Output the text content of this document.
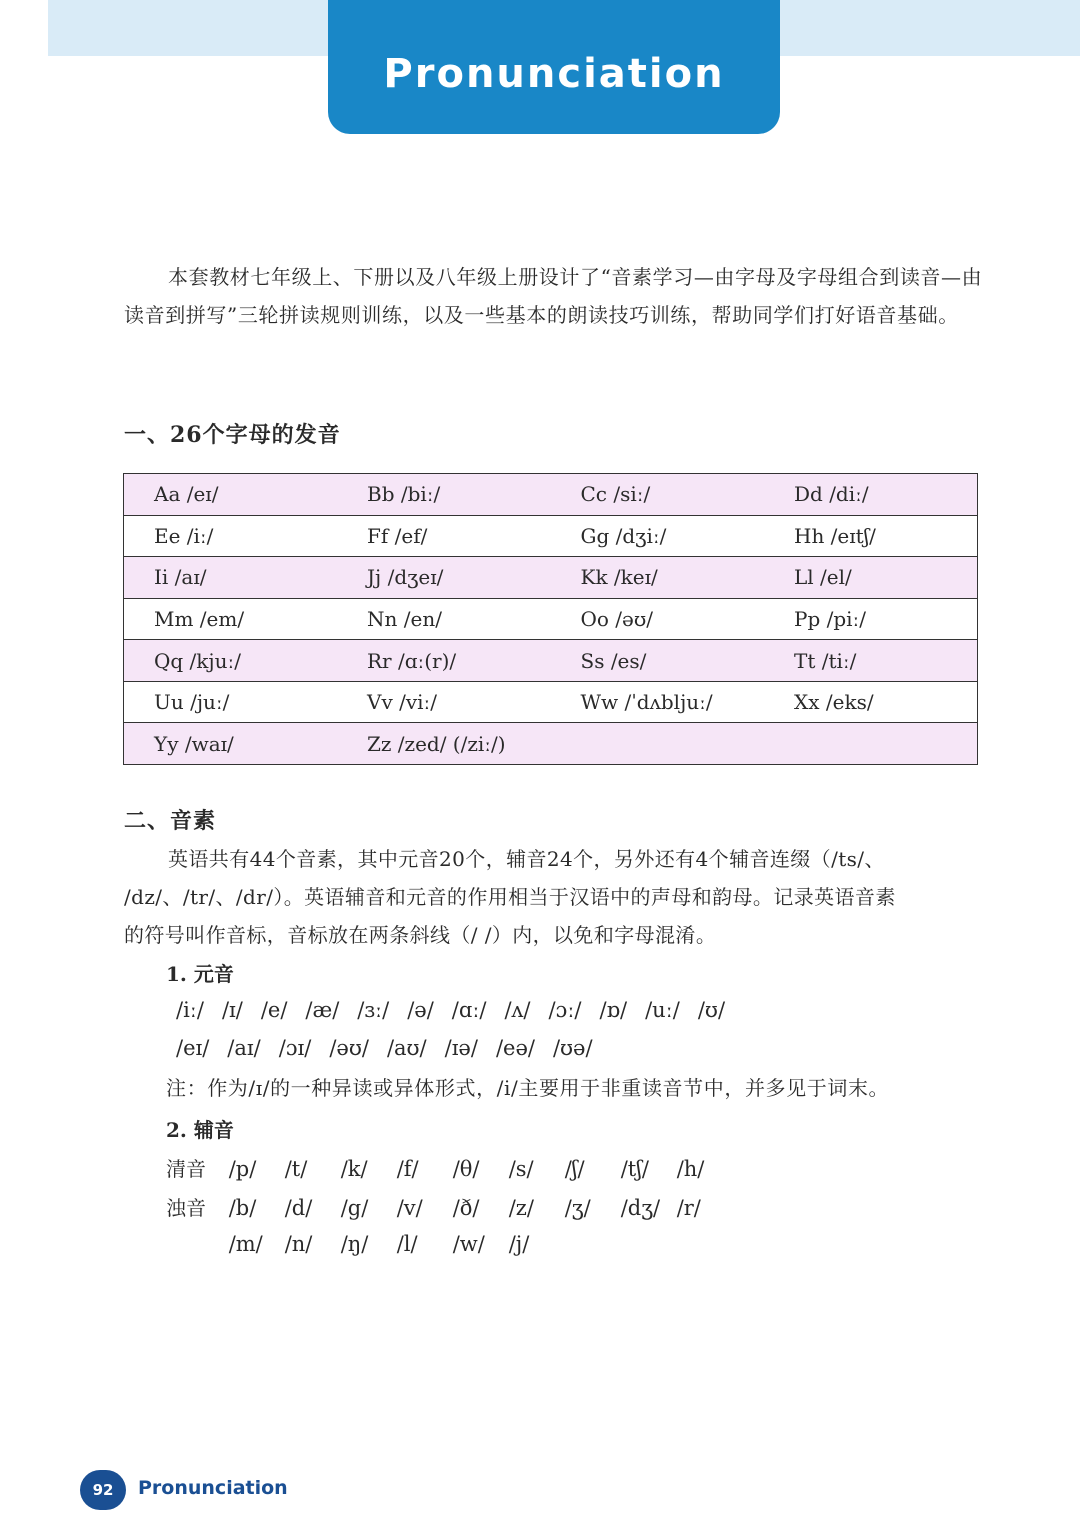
Pronunciation
本套教材七年级上、下册以及八年级上册设计了“音素学习—由字母及字母组合到读音—由读音到拼写”三轮拼读规则训练，以及一些基本的朗读技巧训练，帮助同学们打好语音基础。
一、26个字母的发音
Aa /eɪ/	Bb /biː/	Cc /siː/	Dd /diː/
Ee /iː/	Ff /ef/	Gg /dʒiː/	Hh /eɪtʃ/
Ii /aɪ/	Jj /dʒeɪ/	Kk /keɪ/	Ll /el/
Mm /em/	Nn /en/	Oo /əʊ/	Pp /piː/
Qq /kjuː/	Rr /ɑː(r)/	Ss /es/	Tt /tiː/
Uu /juː/	Vv /viː/	Ww /ˈdʌbljuː/	Xx /eks/
Yy /waɪ/	Zz /zed/ (/ziː/)		
二、音素
英语共有44个音素，其中元音20个，辅音24个，另外还有4个辅音连缀（/ts/、
/dz/、/tr/、/dr/）。英语辅音和元音的作用相当于汉语中的声母和韵母。记录英语音素
的符号叫作音标，音标放在两条斜线（/ /）内，以免和字母混淆。
1. 元音
/iː/ /ɪ/ /e/ /æ/ /ɜː/ /ə/ /ɑː/ /ʌ/ /ɔː/ /ɒ/ /uː/ /ʊ/
/eɪ/ /aɪ/ /ɔɪ/ /əʊ/ /aʊ/ /ɪə/ /eə/ /ʊə/
注：作为/ɪ/的一种异读或异体形式，/i/主要用于非重读音节中，并多见于词末。
2. 辅音
清音 /p/ /t/ /k/ /f/ /θ/ /s/ /ʃ/ /tʃ/ /h/
浊音 /b/ /d/ /g/ /v/ /ð/ /z/ /ʒ/ /dʒ/ /r/
/m/ /n/ /ŋ/ /l/ /w/ /j/
92	Pronunciation
